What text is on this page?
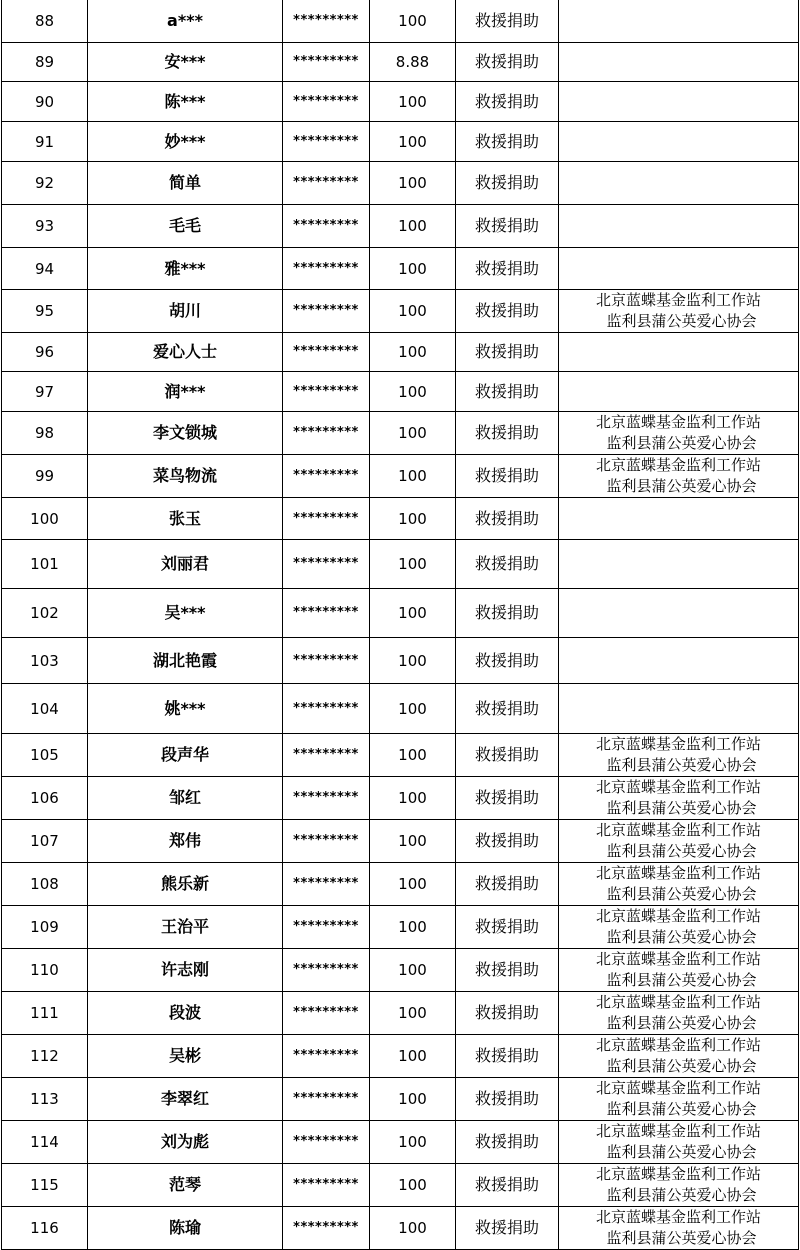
88	a***	*********	100	救援捐助	
89	安***	*********	8.88	救援捐助	
90	陈***	*********	100	救援捐助	
91	妙***	*********	100	救援捐助	
92	简单	*********	100	救援捐助	
93	毛毛	*********	100	救援捐助	
94	雅***	*********	100	救援捐助	
95	胡川	*********	100	救援捐助	北京蓝蝶基金监利工作站
监利县蒲公英爱心协会

96	爱心人士	*********	100	救援捐助	
97	润***	*********	100	救援捐助	
98	李文锁城	*********	100	救援捐助	北京蓝蝶基金监利工作站
监利县蒲公英爱心协会

99	菜鸟物流	*********	100	救援捐助	北京蓝蝶基金监利工作站
监利县蒲公英爱心协会

100	张玉	*********	100	救援捐助	
101	刘丽君	*********	100	救援捐助	
102	吴***	*********	100	救援捐助	
103	湖北艳霞	*********	100	救援捐助	
104	姚***	*********	100	救援捐助	
105	段声华	*********	100	救援捐助	北京蓝蝶基金监利工作站
监利县蒲公英爱心协会

106	邹红	*********	100	救援捐助	北京蓝蝶基金监利工作站
监利县蒲公英爱心协会

107	郑伟	*********	100	救援捐助	北京蓝蝶基金监利工作站
监利县蒲公英爱心协会

108	熊乐新	*********	100	救援捐助	北京蓝蝶基金监利工作站
监利县蒲公英爱心协会

109	王治平	*********	100	救援捐助	北京蓝蝶基金监利工作站
监利县蒲公英爱心协会

110	许志刚	*********	100	救援捐助	北京蓝蝶基金监利工作站
监利县蒲公英爱心协会

111	段波	*********	100	救援捐助	北京蓝蝶基金监利工作站
监利县蒲公英爱心协会

112	吴彬	*********	100	救援捐助	北京蓝蝶基金监利工作站
监利县蒲公英爱心协会

113	李翠红	*********	100	救援捐助	北京蓝蝶基金监利工作站
监利县蒲公英爱心协会

114	刘为彪	*********	100	救援捐助	北京蓝蝶基金监利工作站
监利县蒲公英爱心协会

115	范琴	*********	100	救援捐助	北京蓝蝶基金监利工作站
监利县蒲公英爱心协会

116	陈瑜	*********	100	救援捐助	北京蓝蝶基金监利工作站
监利县蒲公英爱心协会
